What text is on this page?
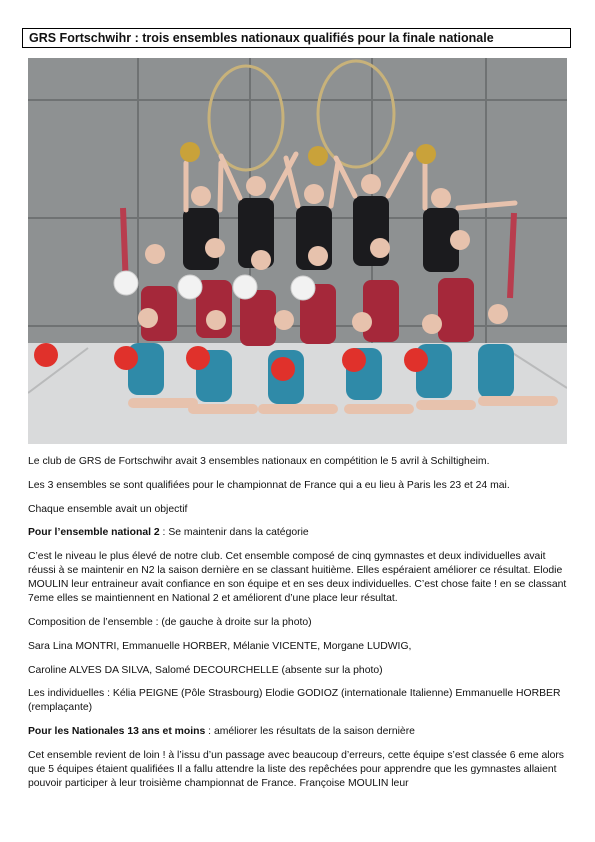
GRS Fortschwihr : trois ensembles nationaux qualifiés pour la finale nationale

Le club de GRS de Fortschwihr avait 3 ensembles nationaux en compétition le 5 avril à Schiltigheim.

Les 3 ensembles se sont qualifiées pour le championnat de France qui a eu lieu à Paris les 23 et 24 mai.

Chaque ensemble avait un objectif

Pour l’ensemble national 2 : Se maintenir dans la catégorie

C’est le niveau le plus élevé de notre club. Cet ensemble composé de cinq gymnastes et deux individuelles avait réussi à se maintenir en N2 la saison dernière en se classant huitième. Elles espéraient améliorer ce résultat. Elodie MOULIN leur entraineur avait confiance en son équipe et en ses deux individuelles. C’est chose faite ! en se classant 7eme elles se maintiennent en National 2 et améliorent d’une place leur résultat.

Composition de l’ensemble : (de gauche à droite sur la photo)

Sara Lina MONTRI, Emmanuelle HORBER, Mélanie VICENTE, Morgane LUDWIG,

Caroline ALVES DA SILVA, Salomé DECOURCHELLE (absente sur la photo)

Les individuelles : Kélia PEIGNE (Pôle Strasbourg) Elodie GODIOZ (internationale Italienne) Emmanuelle HORBER (remplaçante)

Pour les Nationales 13 ans et moins : améliorer les résultats de la saison dernière

Cet ensemble revient de loin ! à l’issu d’un passage avec beaucoup d’erreurs, cette équipe s’est classée 6 eme alors que 5 équipes étaient qualifiées Il a fallu attendre la liste des repêchées pour apprendre que les gymnastes allaient pouvoir participer à leur troisième championnat de France. Françoise MOULIN leur
